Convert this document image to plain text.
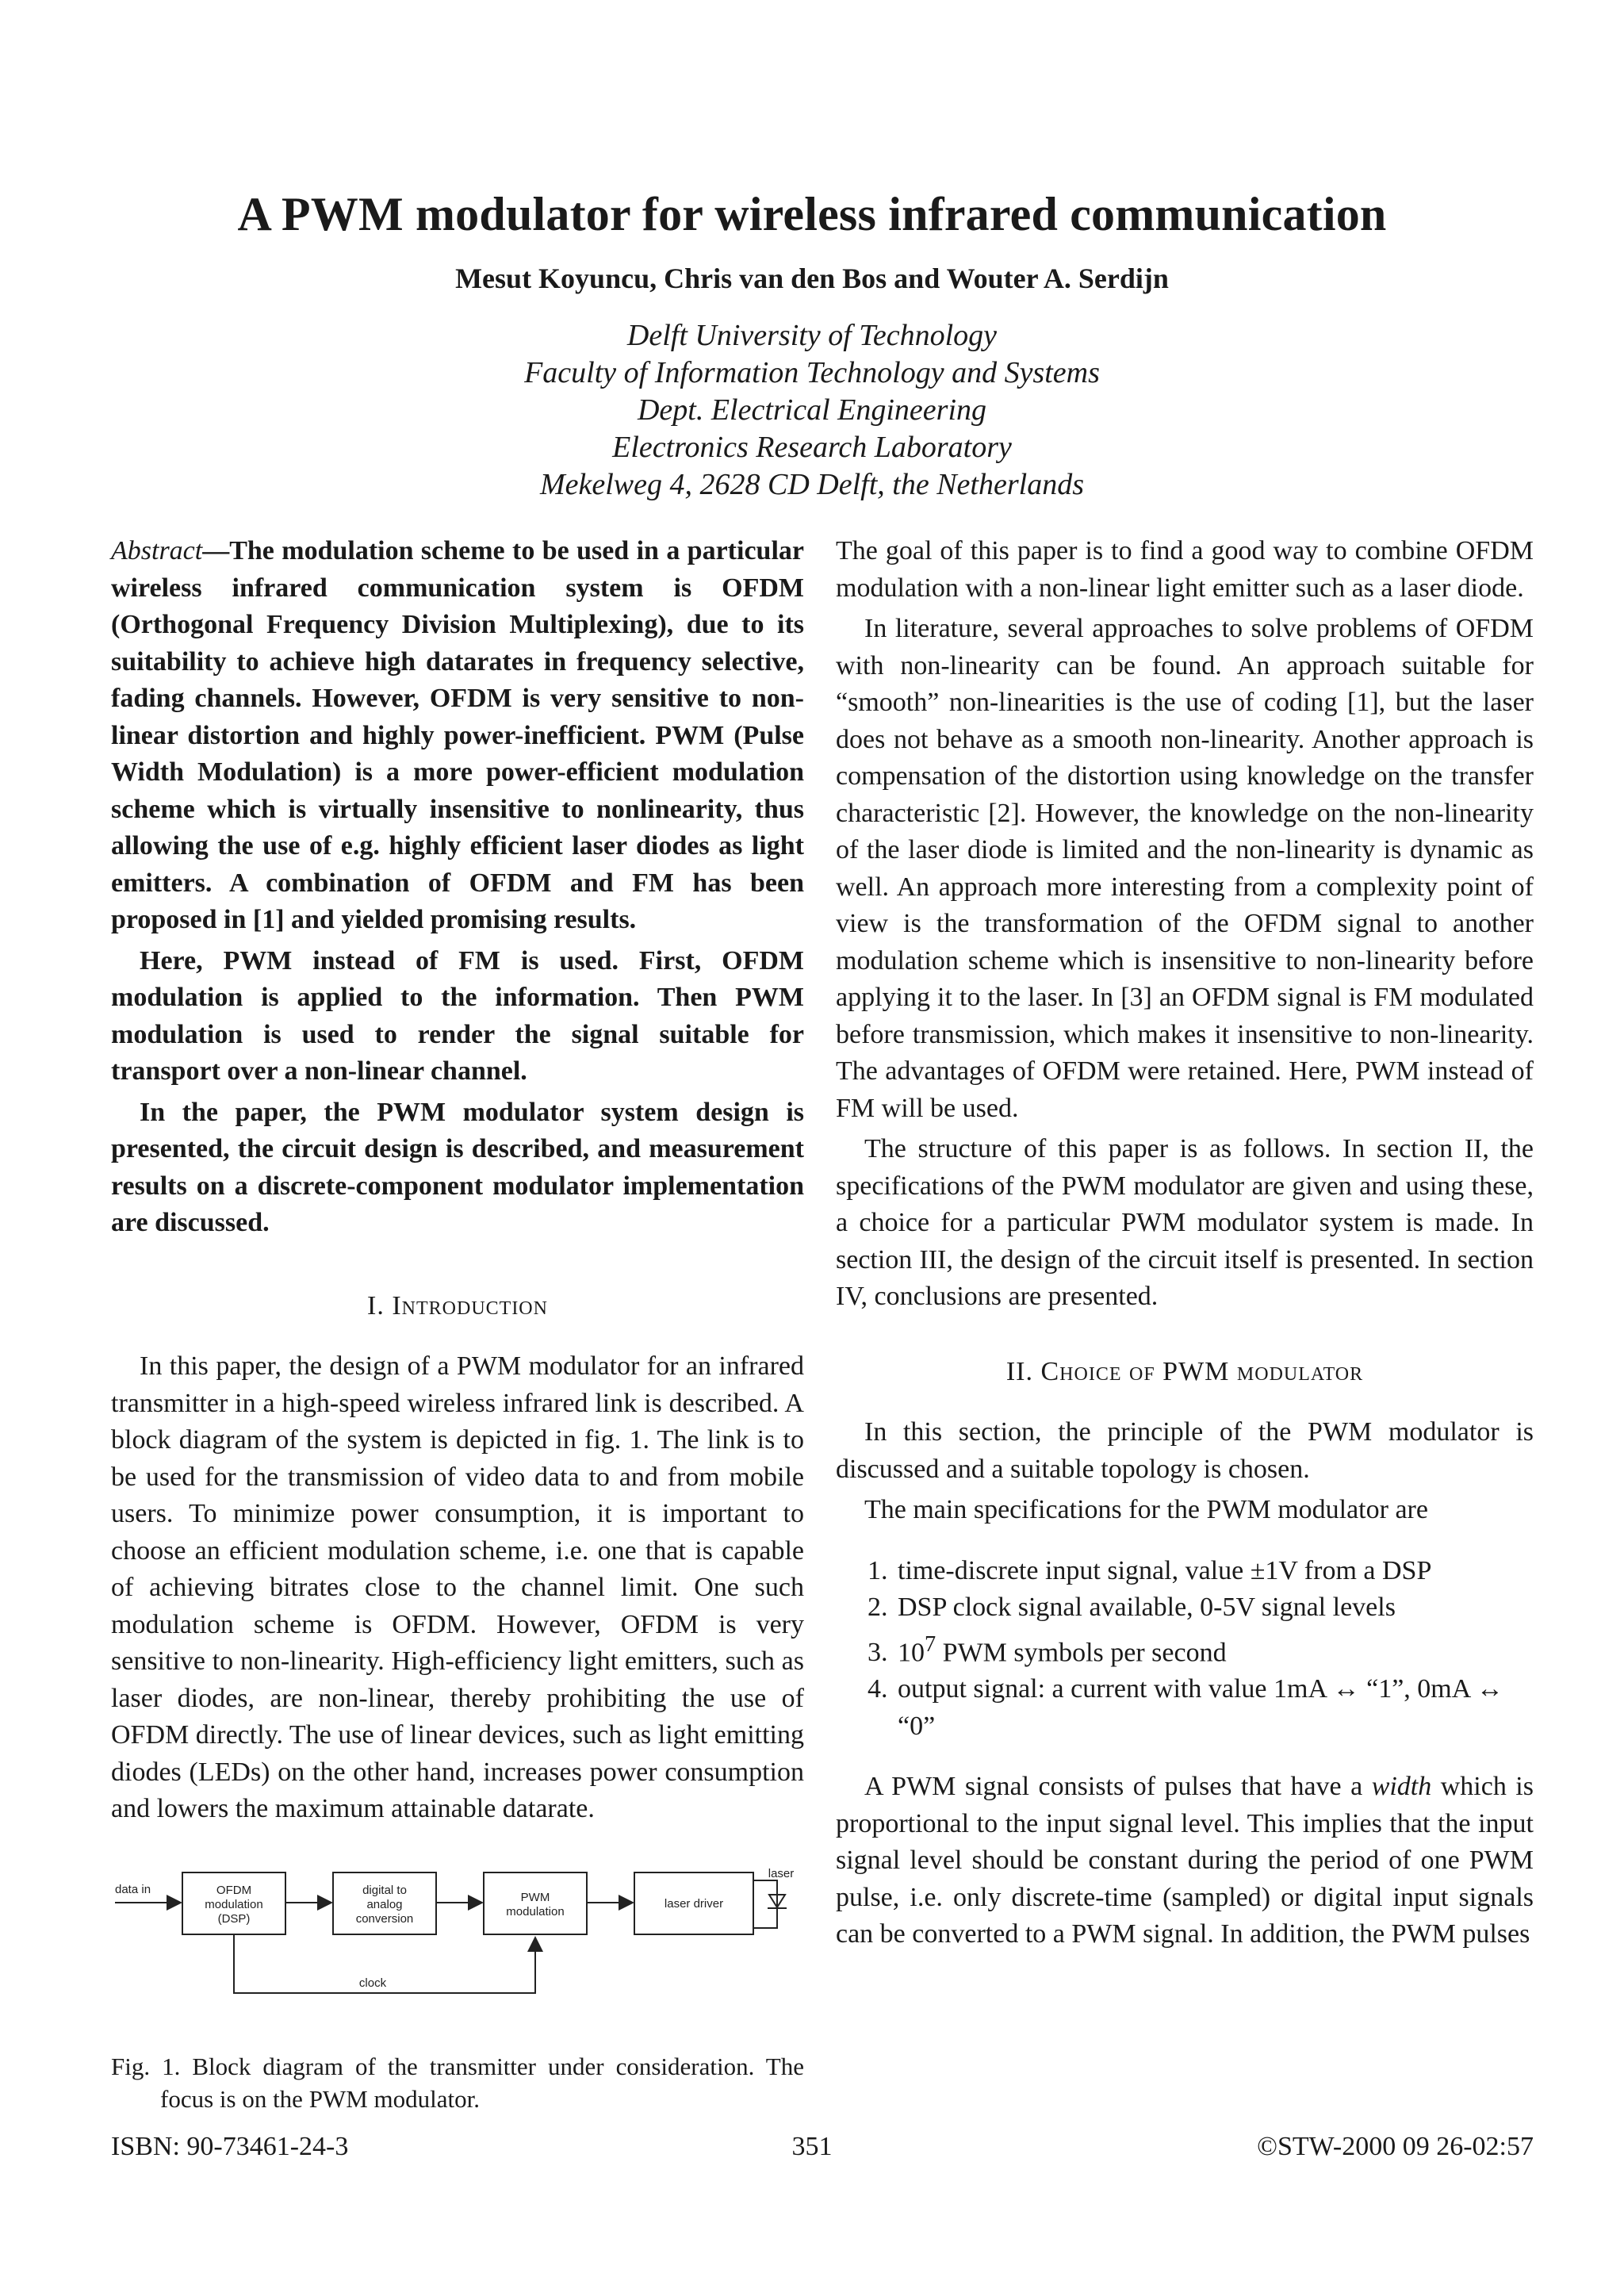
A PWM modulator for wireless infrared communication
Mesut Koyuncu, Chris van den Bos and Wouter A. Serdijn
Delft University of Technology
Faculty of Information Technology and Systems
Dept. Electrical Engineering
Electronics Research Laboratory
Mekelweg 4, 2628 CD Delft, the Netherlands

Abstract—The modulation scheme to be used in a particular wireless infrared communication system is OFDM (Orthogonal Frequency Division Multiplexing), due to its suitability to achieve high datarates in frequency selective, fading channels. However, OFDM is very sensitive to non-linear distortion and highly power-inefficient. PWM (Pulse Width Modulation) is a more power-efficient modulation scheme which is virtually insensitive to nonlinearity, thus allowing the use of e.g. highly efficient laser diodes as light emitters. A combination of OFDM and FM has been proposed in [1] and yielded promising results.

Here, PWM instead of FM is used. First, OFDM modulation is applied to the information. Then PWM modulation is used to render the signal suitable for transport over a non-linear channel.

In the paper, the PWM modulator system design is presented, the circuit design is described, and measurement results on a discrete-component modulator implementation are discussed.

I. Introduction

In this paper, the design of a PWM modulator for an infrared transmitter in a high-speed wireless infrared link is described. A block diagram of the system is depicted in fig. 1. The link is to be used for the transmission of video data to and from mobile users. To minimize power consumption, it is important to choose an efficient modulation scheme, i.e. one that is capable of achieving bitrates close to the channel limit. One such modulation scheme is OFDM. However, OFDM is very sensitive to non-linearity. High-efficiency light emitters, such as laser diodes, are non-linear, thereby prohibiting the use of OFDM directly. The use of linear devices, such as light emitting diodes (LEDs) on the other hand, increases power consumption and lowers the maximum attainable datarate.

data in	OFDM
modulation
(DSP)
digital to
analog
conversion
PWM
modulation
laser driver
laser
clock

Fig. 1. Block diagram of the transmitter under consideration. The focus is on the PWM modulator.

The goal of this paper is to find a good way to combine OFDM modulation with a non-linear light emitter such as a laser diode.

In literature, several approaches to solve problems of OFDM with non-linearity can be found. An approach suitable for “smooth” non-linearities is the use of coding [1], but the laser does not behave as a smooth non-linearity. Another approach is compensation of the distortion using knowledge on the transfer characteristic [2]. However, the knowledge on the non-linearity of the laser diode is limited and the non-linearity is dynamic as well. An approach more interesting from a complexity point of view is the transformation of the OFDM signal to another modulation scheme which is insensitive to non-linearity before applying it to the laser. In [3] an OFDM signal is FM modulated before transmission, which makes it insensitive to non-linearity. The advantages of OFDM were retained. Here, PWM instead of FM will be used.

The structure of this paper is as follows. In section II, the specifications of the PWM modulator are given and using these, a choice for a particular PWM modulator system is made. In section III, the design of the circuit itself is presented. In section IV, conclusions are presented.

II. Choice of PWM modulator

In this section, the principle of the PWM modulator is discussed and a suitable topology is chosen.

The main specifications for the PWM modulator are

1. time-discrete input signal, value ±1V from a DSP
2. DSP clock signal available, 0-5V signal levels
3. $10^7$ PWM symbols per second
4. output signal: a current with value 1mA ↔ “1”, 0mA ↔ “0”

A PWM signal consists of pulses that have a width which is proportional to the input signal level. This implies that the input signal level should be constant during the period of one PWM pulse, i.e. only discrete-time (sampled) or digital input signals can be converted to a PWM signal. In addition, the PWM pulses

ISBN: 90-73461-24-3	351	©STW-2000 09 26-02:57
